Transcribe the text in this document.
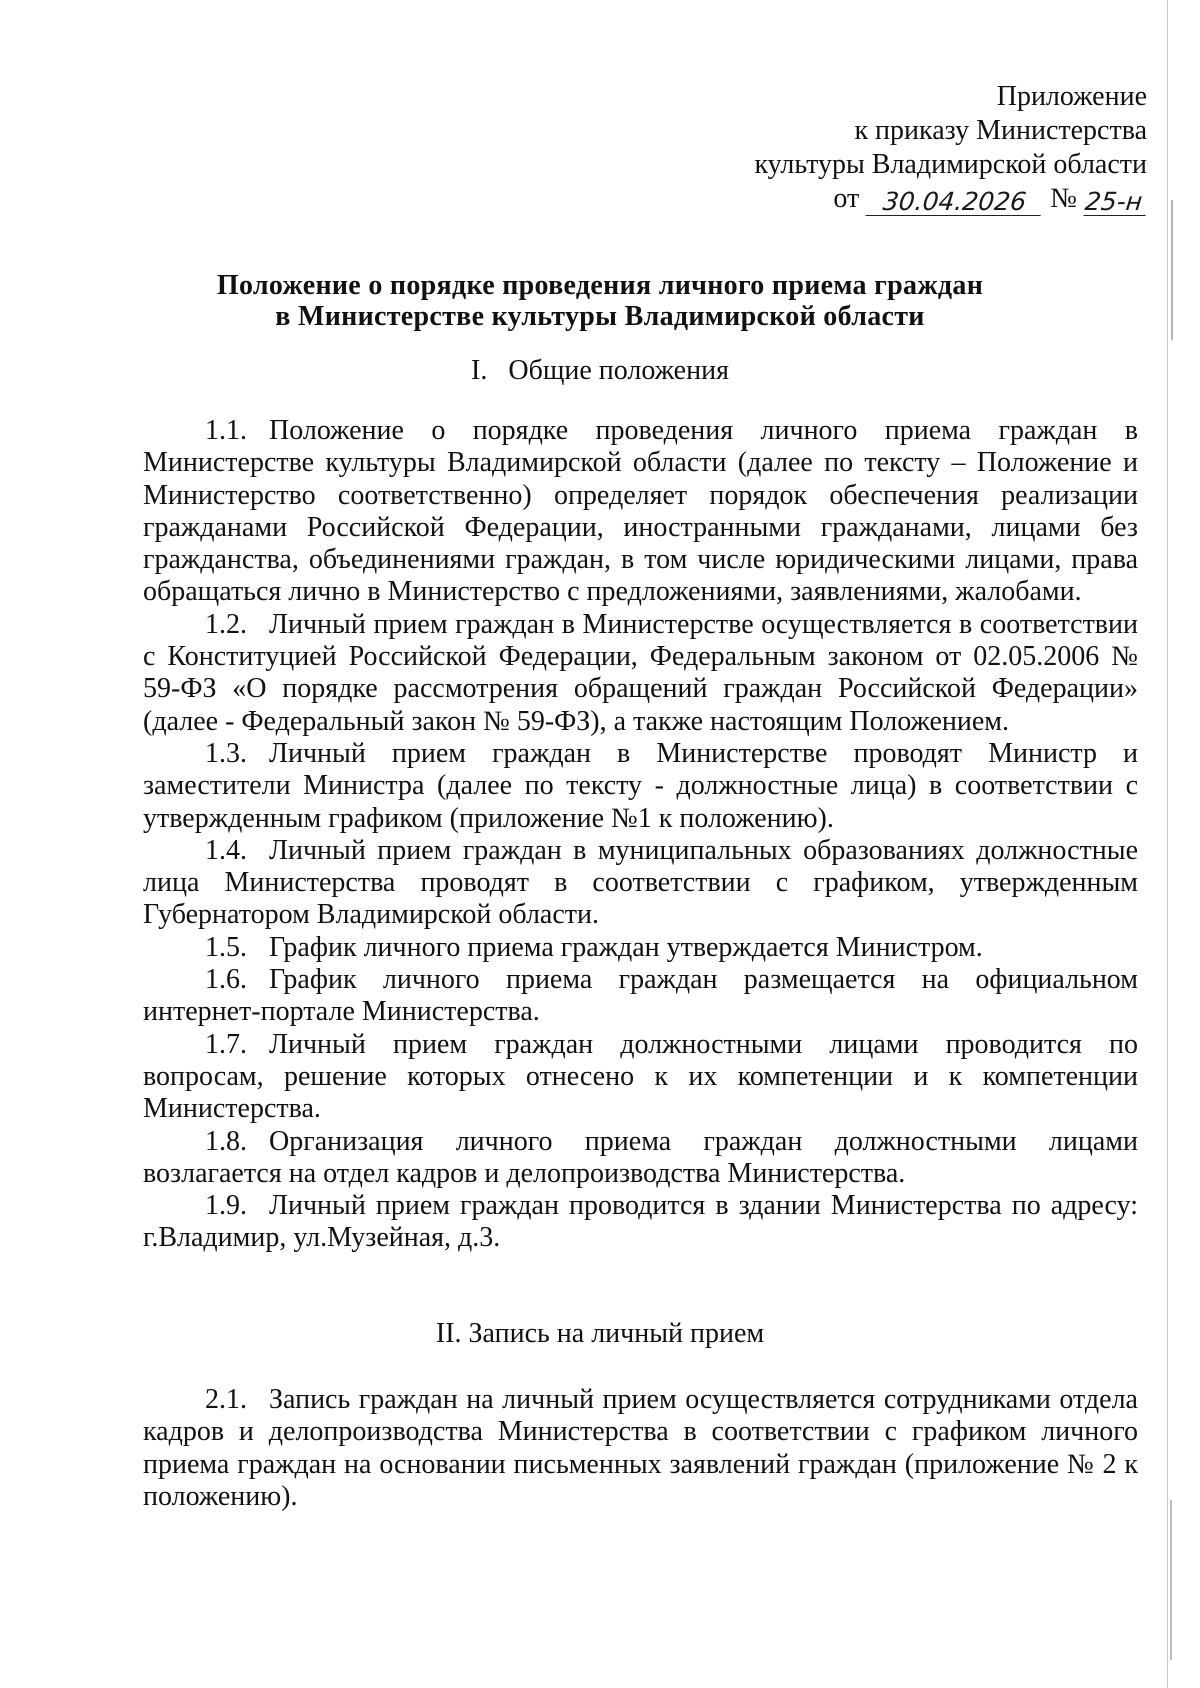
Приложение
к приказу Министерства
культуры Владимирской области
от 30.04.2026 № 25-н
Положение о порядке проведения личного приема граждан
в Министерстве культуры Владимирской области
I.   Общие положения

1.1. Положение о порядке проведения личного приема граждан в Министерстве культуры Владимирской области (далее по тексту – Положение и Министерство соответственно) определяет порядок обеспечения реализации гражданами Российской Федерации, иностранными гражданами, лицами без гражданства, объединениями граждан, в том числе юридическими лицами, права обращаться лично в Министерство с предложениями, заявлениями, жалобами.

1.2. Личный прием граждан в Министерстве осуществляется в соответствии с Конституцией Российской Федерации, Федеральным законом от 02.05.2006 № 59-ФЗ «О порядке рассмотрения обращений граждан Российской Федерации» (далее - Федеральный закон № 59-ФЗ), а также настоящим Положением.

1.3. Личный прием граждан в Министерстве проводят Министр и заместители Министра (далее по тексту - должностные лица) в соответствии с утвержденным графиком (приложение №1 к положению).

1.4. Личный прием граждан в муниципальных образованиях должностные лица Министерства проводят в соответствии с графиком, утвержденным Губернатором Владимирской области.

1.5. График личного приема граждан утверждается Министром.

1.6. График личного приема граждан размещается на официальном интернет-портале Министерства.

1.7. Личный прием граждан должностными лицами проводится по вопросам, решение которых отнесено к их компетенции и к компетенции Министерства.

1.8. Организация личного приема граждан должностными лицами возлагается на отдел кадров и делопроизводства Министерства.

1.9. Личный прием граждан проводится в здании Министерства по адресу: г.Владимир, ул.Музейная, д.3.

II. Запись на личный прием

2.1. Запись граждан на личный прием осуществляется сотрудниками отдела кадров и делопроизводства Министерства в соответствии с графиком личного приема граждан на основании письменных заявлений граждан (приложение № 2 к положению).
